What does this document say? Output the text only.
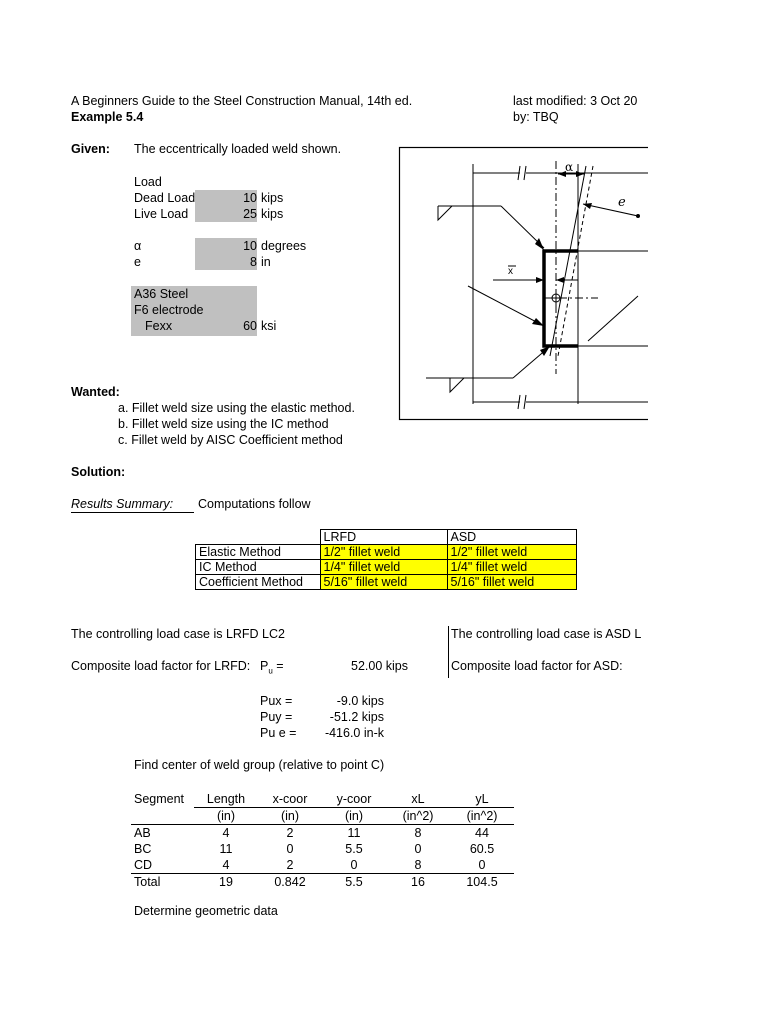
A Beginners Guide to the Steel Construction Manual, 14th ed.
Example 5.4
last modified: 3 Oct 20
by: TBQ
Given: The eccentrically loaded weld shown.
Load
Dead Load	10 kips
Live Load	25 kips
α	10 degrees
e	8 in
A36 Steel
F6 electrode
Fexx	60 ksi
α
e
x
Wanted:
a. Fillet weld size using the elastic method.
b. Fillet weld size using the IC method
c. Fillet weld by AISC Coefficient method
Solution:
Results Summary:	Computations follow
	LRFD	ASD
Elastic Method	1/2" fillet weld	1/2" fillet weld
IC Method	1/4" fillet weld	1/4" fillet weld
Coefficient Method	5/16" fillet weld	5/16" fillet weld
The controlling load case is LRFD LC2
Composite load factor for LRFD: $P_u$ =	52.00 kips
Pux =	-9.0 kips
Puy =	-51.2 kips
Pu e =	-416.0 in-k
The controlling load case is ASD L
Composite load factor for ASD:
Find center of weld group (relative to point C)
Segment	Length	x-coor	y-coor	xL	yL
	(in)	(in)	(in)	(in^2)	(in^2)
AB	4	2	11	8	44
BC	11	0	5.5	0	60.5
CD	4	2	0	8	0
Total	19	0.842	5.5	16	104.5
Determine geometric data
